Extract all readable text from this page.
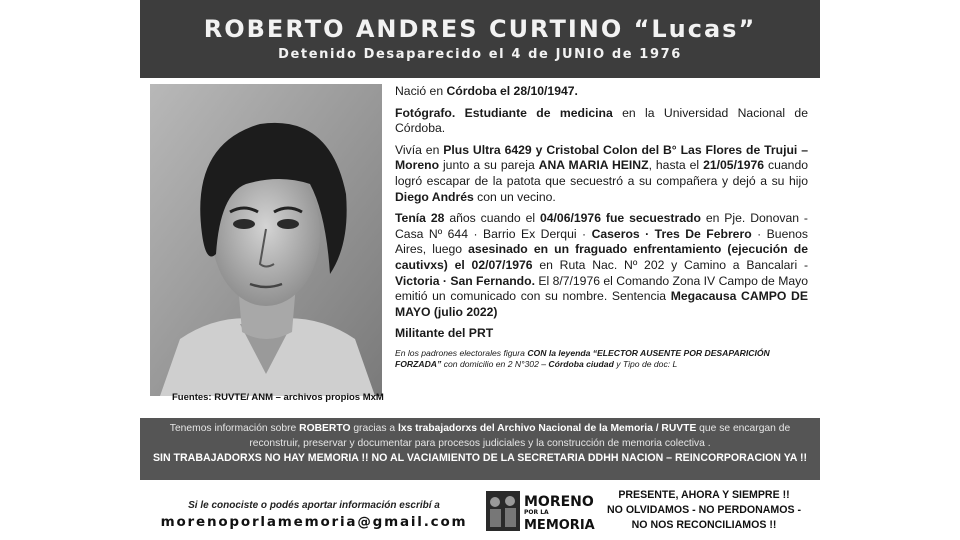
ROBERTO ANDRES CURTINO “Lucas”
Detenido Desaparecido el 4 de JUNIO de 1976

Nació en Córdoba el 28/10/1947.

Fotógrafo. Estudiante de medicina en la Universidad Nacional de Córdoba.

Vivía en Plus Ultra 6429 y Cristobal Colon del B° Las Flores de Trujui – Moreno junto a su pareja ANA MARIA HEINZ, hasta el 21/05/1976 cuando logró escapar de la patota que secuestró a su compañera y dejó a su hijo Diego Andrés con un vecino.

Tenía 28 años cuando el 04/06/1976 fue secuestrado en Pje. Donovan -Casa Nº 644 · Barrio Ex Derqui · Caseros · Tres De Febrero · Buenos Aires, luego asesinado en un fraguado enfrentamiento (ejecución de cautivxs) el 02/07/1976 en Ruta Nac. Nº 202 y Camino a Bancalari - Victoria · San Fernando. El 8/7/1976 el Comando Zona IV Campo de Mayo emitió un comunicado con su nombre. Sentencia Megacausa CAMPO DE MAYO (julio 2022)

Militante del PRT

En los padrones electorales figura CON la leyenda “ELECTOR AUSENTE POR DESAPARICIÓN FORZADA” con domicilio en 2 N°302 – Córdoba ciudad y Tipo de doc: L

Tenemos información sobre ROBERTO gracias a lxs trabajadorxs del Archivo Nacional de la Memoria / RUVTE que se encargan de
reconstruir, preservar y documentar para procesos judiciales y la construcción de memoria colectiva .
SIN TRABAJADORXS NO HAY MEMORIA !! NO AL VACIAMIENTO DE LA SECRETARIA DDHH NACION – REINCORPORACION YA !!
Si le conociste o podés aportar información escribí a
morenoporlamemoria@gmail.com
Fuentes: RUVTE/ ANM – archivos propios MxM
MORENO
POR LA
MEMORIA
PRESENTE, AHORA Y SIEMPRE !!
NO OLVIDAMOS - NO PERDONAMOS -
NO NOS RECONCILIAMOS !!
